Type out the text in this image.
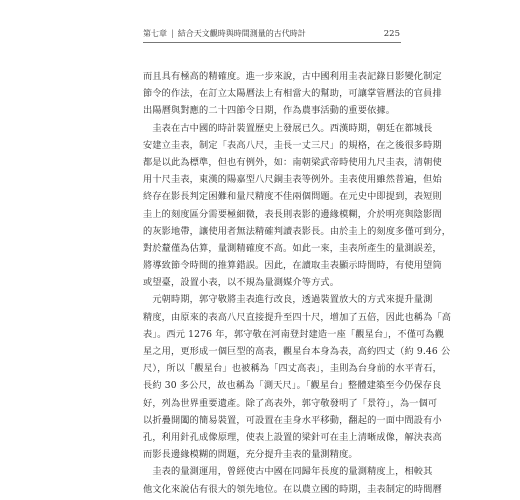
第七章 | 結合天文觀時與時間測量的古代時計	225
而且具有極高的精確度。進一步來說，古中國利用圭表記錄日影變化制定
節令的作法，在訂立太陽曆法上有相當大的幫助，可讓掌管曆法的官員排
出陽曆與對應的二十四節令日期，作為農事活動的重要依據。
　圭表在古中國的時計裝置歷史上發展已久。西漢時期，朝廷在都城長
安建立圭表，制定「表高八尺，圭長一丈三尺」的規格，在之後很多時期
都是以此為標準，但也有例外，如：南朝梁武帝時使用九尺圭表，清朝使
用十尺圭表，東漢的陽嘉型八尺銅圭表等例外。圭表使用雖然普遍，但始
終存在影長判定困難和量尺精度不佳兩個問題。在元史中即提到，表短則
圭上的刻度區分需要極細微，表長則表影的邊緣模糊，介於明亮與陰影間
的灰影地帶，讓使用者無法精確判讀表影長。由於圭上的刻度多僅可到分，
對於釐僅為估算，量測精確度不高。如此一來，圭表所產生的量測誤差，
將導致節令時間的推算錯誤。因此，在讀取圭表顯示時間時，有使用望筒
或望臺，設置小表，以不規為量測媒介等方式。
　元朝時期，郭守敬將圭表進行改良，透過裝置放大的方式來提升量測
精度，由原來的表高八尺直接提升至四十尺，增加了五倍，因此也稱為「高
表」。西元 1276 年，郭守敬在河南登封建造一座「觀星台」，不僅可為觀
星之用，更形成一個巨型的高表，觀星台本身為表，高約四丈（約 9.46 公
尺），所以「觀星台」也被稱為「四丈高表」，圭則為台身前的水平青石，
長約 30 多公尺，故也稱為「測天尺」。「觀星台」整體建築至今仍保存良
好，列為世界重要遺產。除了高表外，郭守敬發明了「景符」，為一個可
以折疊開闔的簡易裝置，可設置在圭身水平移動，翻起的一面中間設有小
孔，利用針孔成像原理，使表上設置的梁針可在圭上清晰成像，解決表高
而影長邊緣模糊的問題，充分提升圭表的量測精度。
　圭表的量測運用，曾經使古中國在同歸年長度的量測精度上，相較其
他文化來說佔有很大的領先地位。在以農立國的時期，圭表制定的時間曆
